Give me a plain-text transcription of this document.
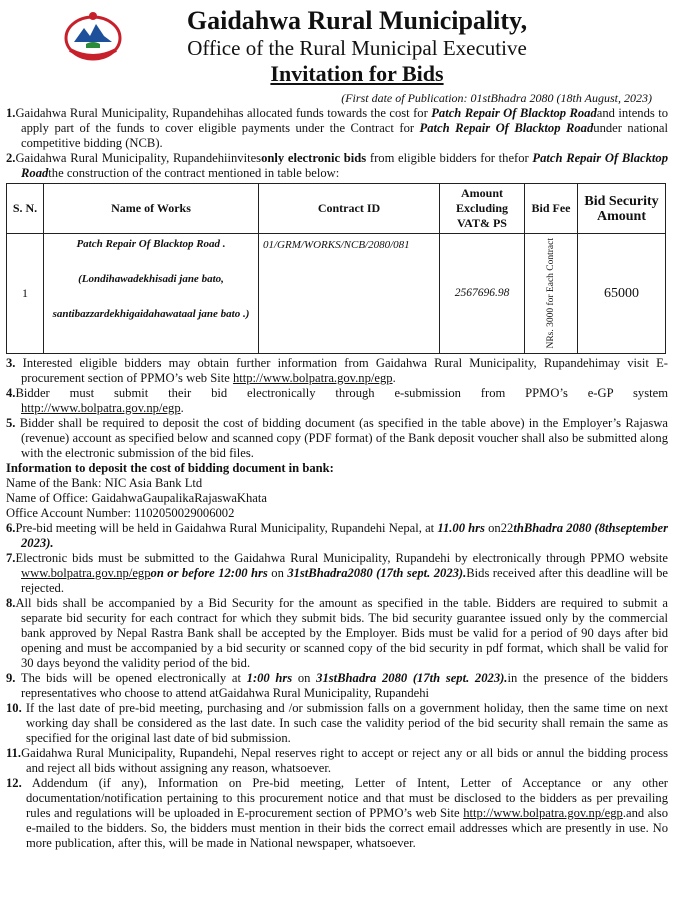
Gaidahwa Rural Municipality,
Office of the Rural Municipal Executive
Invitation for Bids
(First date of Publication: 01stBhadra 2080 (18th August, 2023)

1.Gaidahwa Rural Municipality, Rupandehihas allocated funds towards the cost for Patch Repair Of Blacktop Roadand intends to apply part of the funds to cover eligible payments under the Contract for Patch Repair Of Blacktop Roadunder national competitive bidding (NCB).

2.Gaidahwa Rural Municipality, Rupandehiinvitesonly electronic bids from eligible bidders for thefor Patch Repair Of Blacktop Roadthe construction of the contract mentioned in table below:

S. N.	Name of Works	Contract ID	Amount Excluding VAT& PS	Bid Fee	Bid Security Amount
1	Patch Repair Of Blacktop Road .
(Londihawadekhisadi jane bato,
santibazzardekhigaidahawataal jane bato .)	01/GRM/WORKS/NCB/2080/081	2567696.98	NRs. 3000 for Each Contract	65000

3. Interested eligible bidders may obtain further information from Gaidahwa Rural Municipality, Rupandehimay visit E-procurement section of PPMO’s web Site http://www.bolpatra.gov.np/egp.

4.Bidder must submit their bid electronically through e-submission from PPMO’s e-GP system

http://www.bolpatra.gov.np/egp.

5. Bidder shall be required to deposit the cost of bidding document (as specified in the table above) in the Employer’s Rajaswa (revenue) account as specified below and scanned copy (PDF format) of the Bank deposit voucher shall also be submitted along with the electronic submission of the bid files.

Information to deposit the cost of bidding document in bank:

Name of the Bank: NIC Asia Bank Ltd

Name of Office: GaidahwaGaupalikaRajaswaKhata

Office Account Number: 1102050029006002

6.Pre-bid meeting will be held in Gaidahwa Rural Municipality, Rupandehi Nepal, at 11.00 hrs on22thBhadra 2080 (8thseptember 2023).

7.Electronic bids must be submitted to the Gaidahwa Rural Municipality, Rupandehi by electronically through PPMO website www.bolpatra.gov.np/egpon or before 12:00 hrs on 31stBhadra2080 (17th sept. 2023).Bids received after this deadline will be rejected.

8.All bids shall be accompanied by a Bid Security for the amount as specified in the table. Bidders are required to submit a separate bid security for each contract for which they submit bids. The bid security guarantee issued only by the commercial bank approved by Nepal Rastra Bank shall be accepted by the Employer. Bids must be valid for a period of 90 days after bid opening and must be accompanied by a bid security or scanned copy of the bid security in pdf format, which shall be valid for 30 days beyond the validity period of the bid.

9. The bids will be opened electronically at 1:00 hrs on 31stBhadra 2080 (17th sept. 2023).in the presence of the bidders representatives who choose to attend atGaidahwa Rural Municipality, Rupandehi

10. If the last date of pre-bid meeting, purchasing and /or submission falls on a government holiday, then the same time on next working day shall be considered as the last date. In such case the validity period of the bid security shall remain the same as specified for the original last date of bid submission.

11.Gaidahwa Rural Municipality, Rupandehi, Nepal reserves right to accept or reject any or all bids or annul the bidding process and reject all bids without assigning any reason, whatsoever.

12. Addendum (if any), Information on Pre-bid meeting, Letter of Intent, Letter of Acceptance or any other documentation/notification pertaining to this procurement notice and that must be disclosed to the bidders as per prevailing rules and regulations will be uploaded in E-procurement section of PPMO’s web Site http://www.bolpatra.gov.np/egp.and also e-mailed to the bidders. So, the bidders must mention in their bids the correct email addresses which are presently in use. No more publication, after this, will be made in National newspaper, whatsoever.
